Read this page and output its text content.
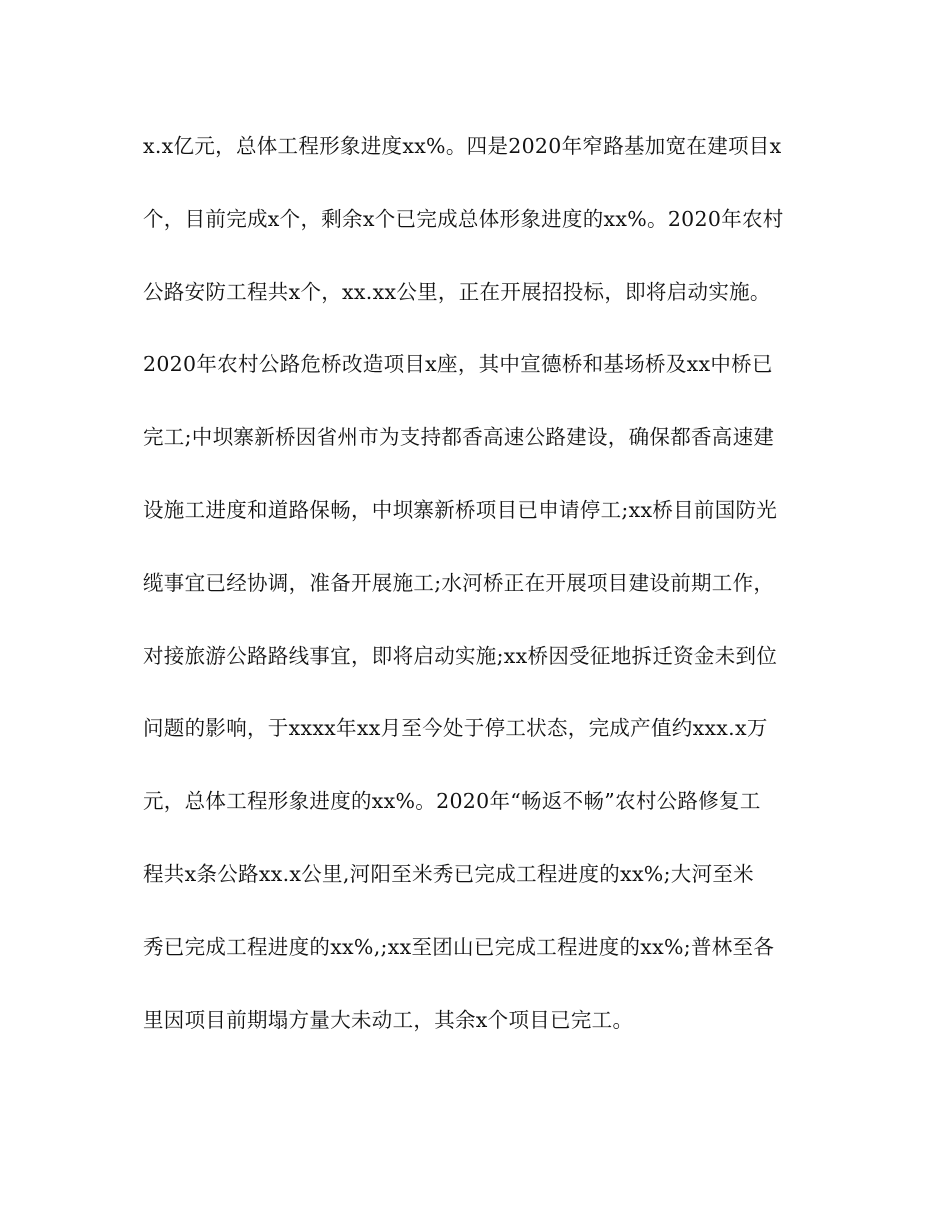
x.x亿元，总体工程形象进度xx%。四是2020年窄路基加宽在建项目x
个，目前完成x个，剩余x个已完成总体形象进度的xx%。2020年农村
公路安防工程共x个，xx.xx公里，正在开展招投标，即将启动实施。
2020年农村公路危桥改造项目x座，其中宣德桥和基场桥及xx中桥已
完工;中坝寨新桥因省州市为支持都香高速公路建设，确保都香高速建
设施工进度和道路保畅，中坝寨新桥项目已申请停工;xx桥目前国防光
缆事宜已经协调，准备开展施工;水河桥正在开展项目建设前期工作，
对接旅游公路路线事宜，即将启动实施;xx桥因受征地拆迁资金未到位
问题的影响，于xxxx年xx月至今处于停工状态，完成产值约xxx.x万
元，总体工程形象进度的xx%。2020年“畅返不畅”农村公路修复工
程共x条公路xx.x公里,河阳至米秀已完成工程进度的xx%;大河至米
秀已完成工程进度的xx%,;xx至团山已完成工程进度的xx%;普林至各
里因项目前期塌方量大未动工，其余x个项目已完工。
